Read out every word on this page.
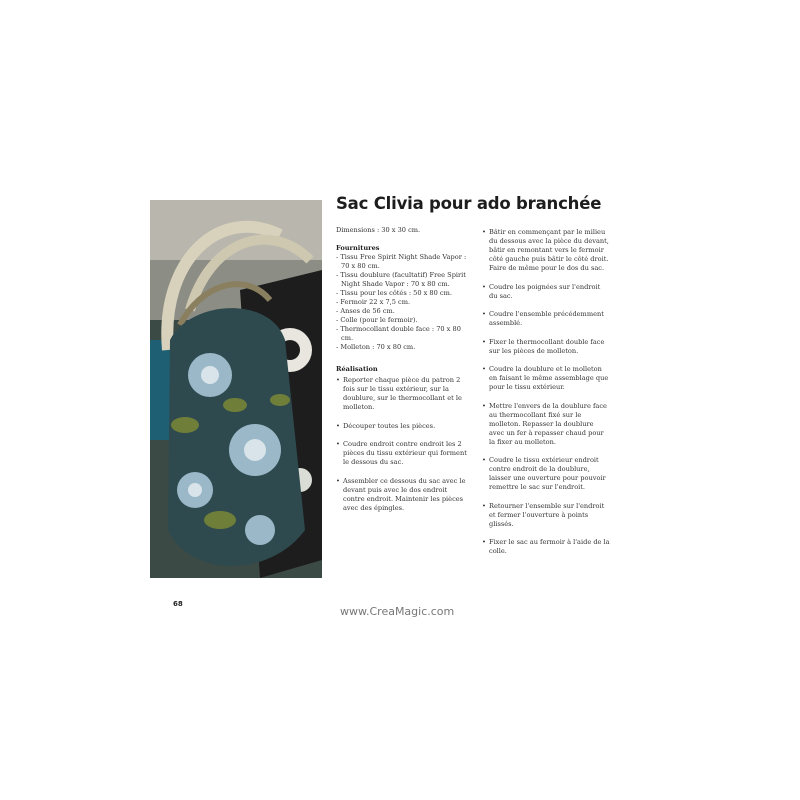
Sac Clivia pour ado branchée

Dimensions : 30 x 30 cm.

Fournitures

- Tissu Free Spirit Night Shade Vapor : 70 x 80 cm.
- Tissu doublure (facultatif) Free Spirit Night Shade Vapor : 70 x 80 cm.
- Tissu pour les côtés : 50 x 80 cm.
- Fermoir 22 x 7,5 cm.
- Anses de 56 cm.
- Colle (pour le fermoir).
- Thermocollant double face : 70 x 80 cm.
- Molleton : 70 x 80 cm.

Réalisation

• Reporter chaque pièce du patron 2 fois sur le tissu extérieur, sur la doublure, sur le thermocollant et le molleton.
• Découper toutes les pièces.
• Coudre endroit contre endroit les 2 pièces du tissu extérieur qui forment le dessous du sac.
• Assembler ce dessous du sac avec le devant puis avec le dos endroit contre endroit. Maintenir les pièces avec des épingles.
• Bâtir en commençant par le milieu du dessous avec la pièce du devant, bâtir en remontant vers le fermoir côté gauche puis bâtir le côté droit. Faire de même pour le dos du sac.
• Coudre les poignées sur l'endroit du sac.
• Coudre l'ensemble précédemment assemblé.
• Fixer le thermocollant double face sur les pièces de molleton.
• Coudre la doublure et le molleton en faisant le même assemblage que pour le tissu extérieur.
• Mettre l'envers de la doublure face au thermocollant fixé sur le molleton. Repasser la doublure avec un fer à repasser chaud pour la fixer au molleton.
• Coudre le tissu extérieur endroit contre endroit de la doublure, laisser une ouverture pour pouvoir remettre le sac sur l'endroit.
• Retourner l'ensemble sur l'endroit et fermer l'ouverture à points glissés.
• Fixer le sac au fermoir à l'aide de la colle.
68
www.CreaMagic.com
